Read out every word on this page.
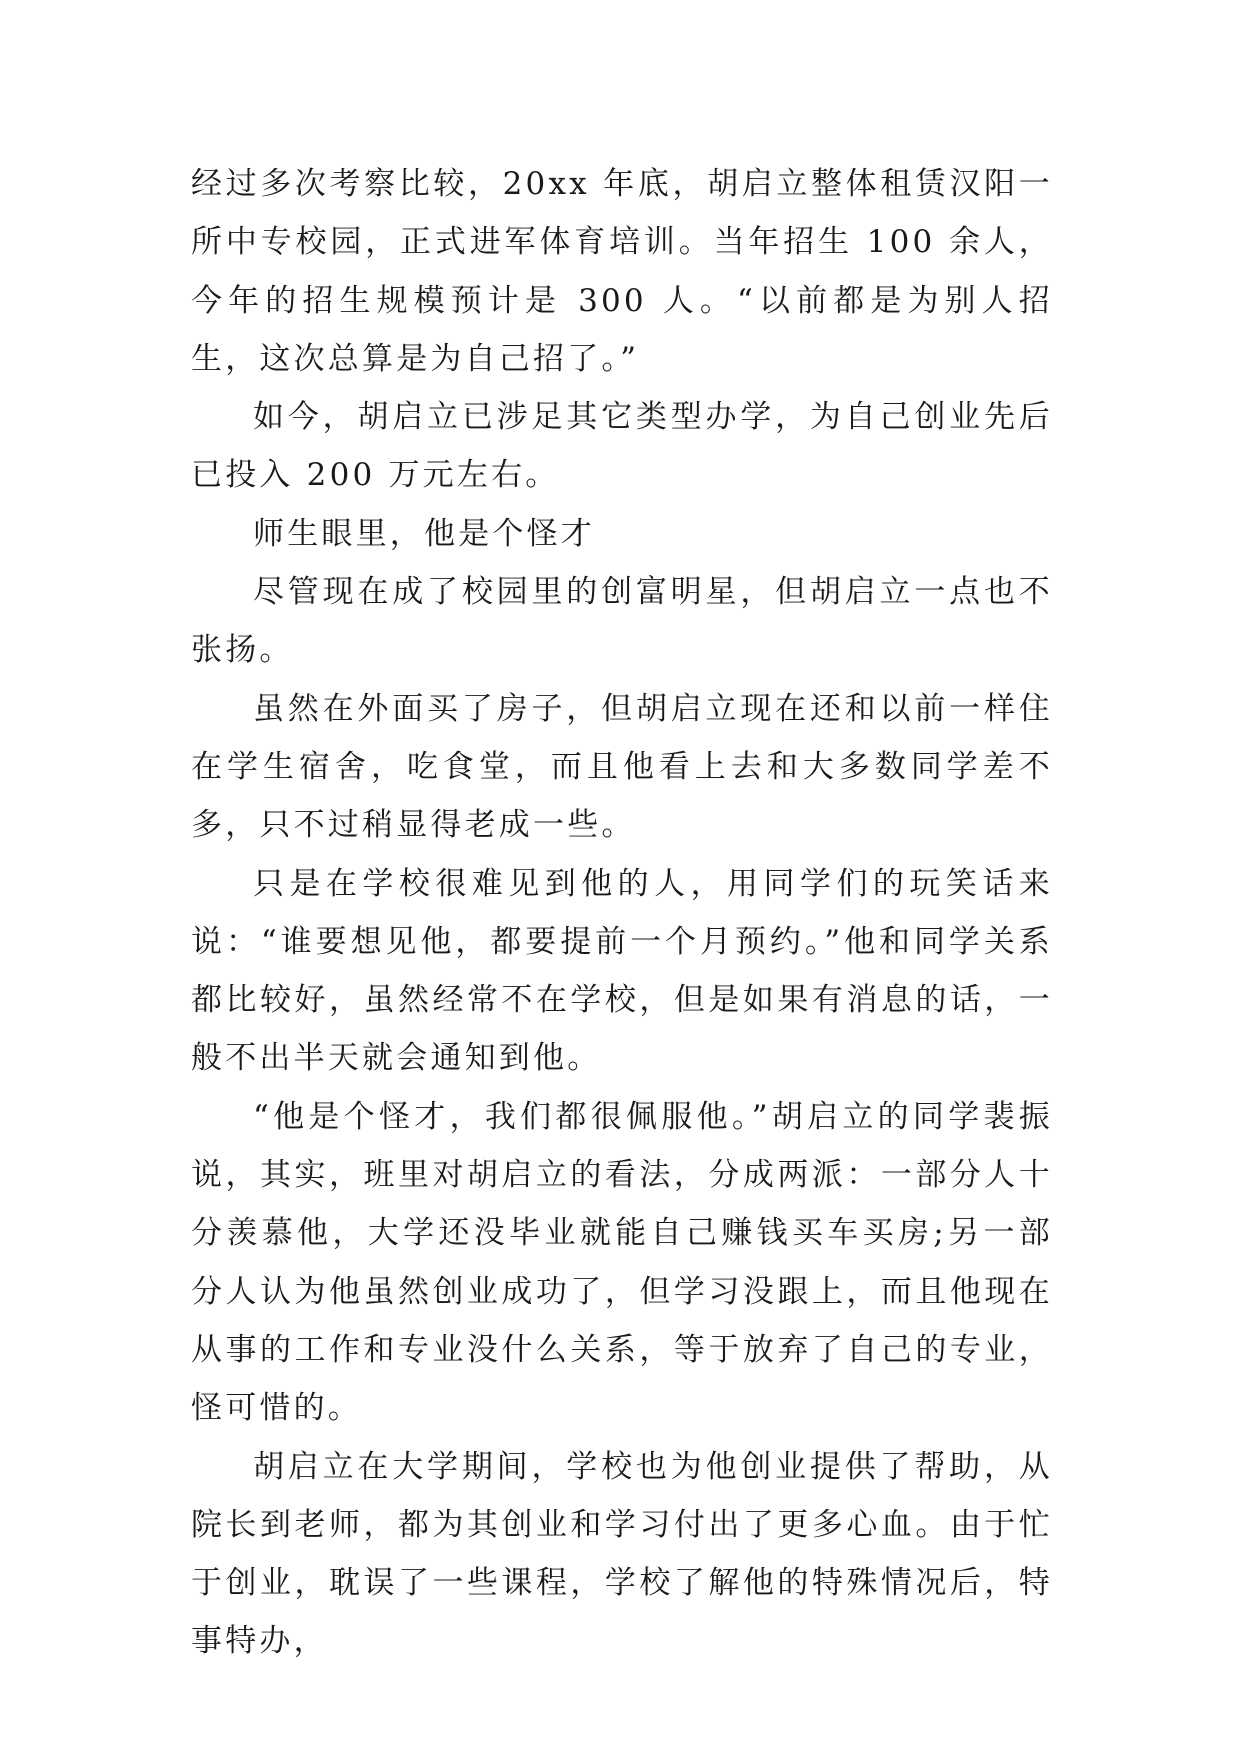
经过多次考察比较，20xx 年底，胡启立整体租赁汉阳一所中专校园，正式进军体育培训。当年招生 100 余人，今年的招生规模预计是 300 人。“以前都是为别人招生，这次总算是为自己招了。”

如今，胡启立已涉足其它类型办学，为自己创业先后已投入 200 万元左右。

师生眼里，他是个怪才

尽管现在成了校园里的创富明星，但胡启立一点也不张扬。

虽然在外面买了房子，但胡启立现在还和以前一样住在学生宿舍，吃食堂，而且他看上去和大多数同学差不多，只不过稍显得老成一些。

只是在学校很难见到他的人，用同学们的玩笑话来说：“谁要想见他，都要提前一个月预约。”他和同学关系都比较好，虽然经常不在学校，但是如果有消息的话，一般不出半天就会通知到他。

“他是个怪才，我们都很佩服他。”胡启立的同学裴振说，其实，班里对胡启立的看法，分成两派：一部分人十分羡慕他，大学还没毕业就能自己赚钱买车买房;另一部分人认为他虽然创业成功了，但学习没跟上，而且他现在从事的工作和专业没什么关系，等于放弃了自己的专业，怪可惜的。

胡启立在大学期间，学校也为他创业提供了帮助，从院长到老师，都为其创业和学习付出了更多心血。由于忙于创业，耽误了一些课程，学校了解他的特殊情况后，特事特办，
